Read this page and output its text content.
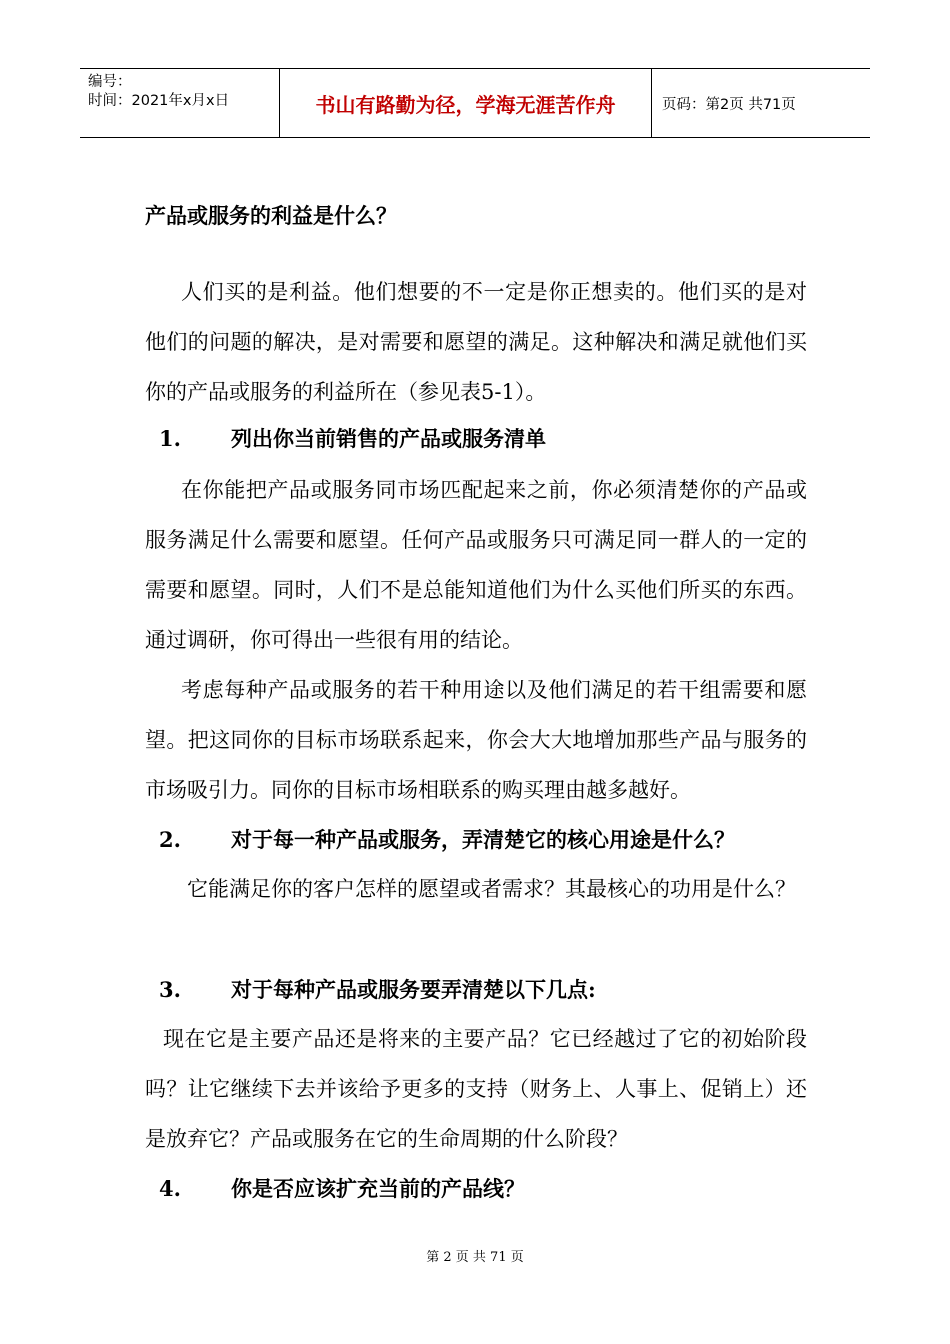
编号：
时间：2021年x月x日	书山有路勤为径，学海无涯苦作舟	页码：第2页 共71页

产品或服务的利益是什么？

人们买的是利益。他们想要的不一定是你正想卖的。他们买的是对他们的问题的解决，是对需要和愿望的满足。这种解决和满足就他们买你的产品或服务的利益所在（参见表5-1）。

1. 列出你当前销售的产品或服务清单

在你能把产品或服务同市场匹配起来之前，你必须清楚你的产品或服务满足什么需要和愿望。任何产品或服务只可满足同一群人的一定的需要和愿望。同时，人们不是总能知道他们为什么买他们所买的东西。通过调研，你可得出一些很有用的结论。

考虑每种产品或服务的若干种用途以及他们满足的若干组需要和愿望。把这同你的目标市场联系起来，你会大大地增加那些产品与服务的市场吸引力。同你的目标市场相联系的购买理由越多越好。

2. 对于每一种产品或服务，弄清楚它的核心用途是什么？

它能满足你的客户怎样的愿望或者需求？其最核心的功用是什么？

3. 对于每种产品或服务要弄清楚以下几点:

现在它是主要产品还是将来的主要产品？它已经越过了它的初始阶段吗？让它继续下去并该给予更多的支持（财务上、人事上、促销上）还是放弃它？产品或服务在它的生命周期的什么阶段？

4. 你是否应该扩充当前的产品线？
第 2 页 共 71 页
